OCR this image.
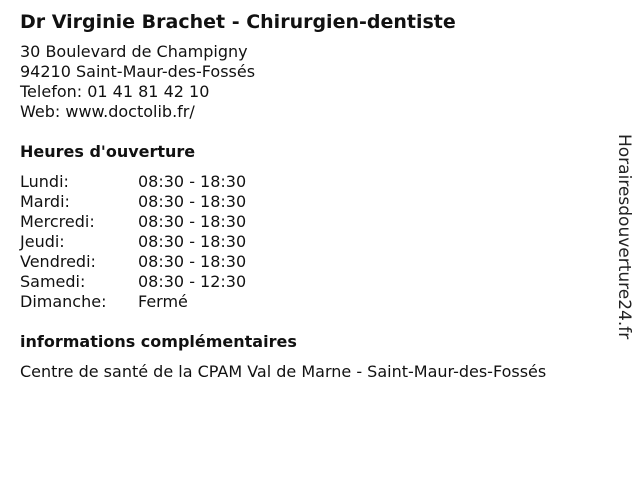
Dr Virginie Brachet - Chirurgien-dentiste
30 Boulevard de Champigny
94210 Saint-Maur-des-Fossés
Telefon: 01 41 81 42 10
Web: www.doctolib.fr/
Heures d'ouverture
Lundi:	08:30 - 18:30
Mardi:	08:30 - 18:30
Mercredi:	08:30 - 18:30
Jeudi:	08:30 - 18:30
Vendredi:	08:30 - 18:30
Samedi:	08:30 - 12:30
Dimanche:	Fermé
informations complémentaires
Centre de santé de la CPAM Val de Marne - Saint-Maur-des-Fossés
Horairesdouverture24.fr
